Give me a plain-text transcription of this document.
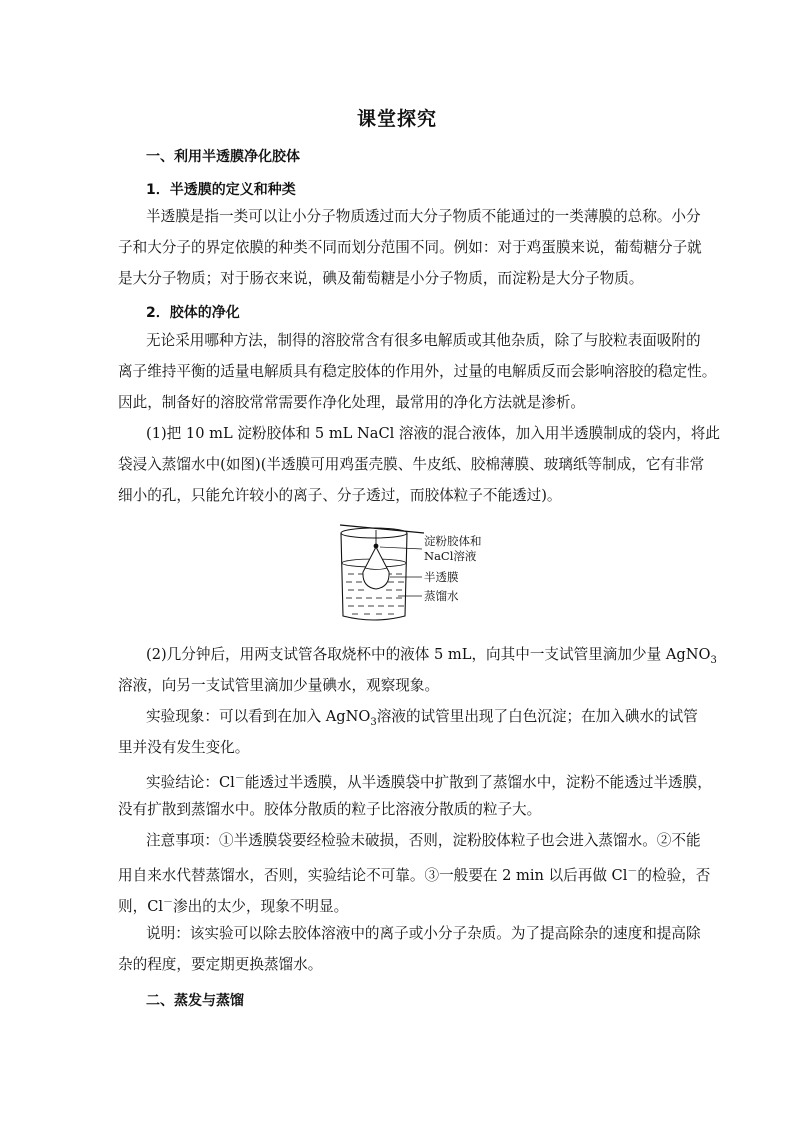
课堂探究
一、利用半透膜净化胶体
1．半透膜的定义和种类
半透膜是指一类可以让小分子物质透过而大分子物质不能通过的一类薄膜的总称。小分
子和大分子的界定依膜的种类不同而划分范围不同。例如：对于鸡蛋膜来说，葡萄糖分子就
是大分子物质；对于肠衣来说，碘及葡萄糖是小分子物质，而淀粉是大分子物质。
2．胶体的净化
无论采用哪种方法，制得的溶胶常含有很多电解质或其他杂质，除了与胶粒表面吸附的
离子维持平衡的适量电解质具有稳定胶体的作用外，过量的电解质反而会影响溶胶的稳定性。
因此，制备好的溶胶常常需要作净化处理，最常用的净化方法就是渗析。
(1)把 10 mL 淀粉胶体和 5 mL NaCl 溶液的混合液体，加入用半透膜制成的袋内，将此
袋浸入蒸馏水中(如图)(半透膜可用鸡蛋壳膜、牛皮纸、胶棉薄膜、玻璃纸等制成，它有非常
细小的孔，只能允许较小的离子、分子透过，而胶体粒子不能透过)。
淀粉胶体和
NaCl溶液
半透膜
蒸馏水
(2)几分钟后，用两支试管各取烧杯中的液体 5 mL，向其中一支试管里滴加少量 AgNO$_3$
溶液，向另一支试管里滴加少量碘水，观察现象。
实验现象：可以看到在加入 AgNO$_3$溶液的试管里出现了白色沉淀；在加入碘水的试管
里并没有发生变化。
实验结论：Cl－能透过半透膜，从半透膜袋中扩散到了蒸馏水中，淀粉不能透过半透膜，
没有扩散到蒸馏水中。胶体分散质的粒子比溶液分散质的粒子大。
注意事项：①半透膜袋要经检验未破损，否则，淀粉胶体粒子也会进入蒸馏水。②不能
用自来水代替蒸馏水，否则，实验结论不可靠。③一般要在 2 min 以后再做 Cl－的检验，否
则，Cl－渗出的太少，现象不明显。
说明：该实验可以除去胶体溶液中的离子或小分子杂质。为了提高除杂的速度和提高除
杂的程度，要定期更换蒸馏水。
二、蒸发与蒸馏
